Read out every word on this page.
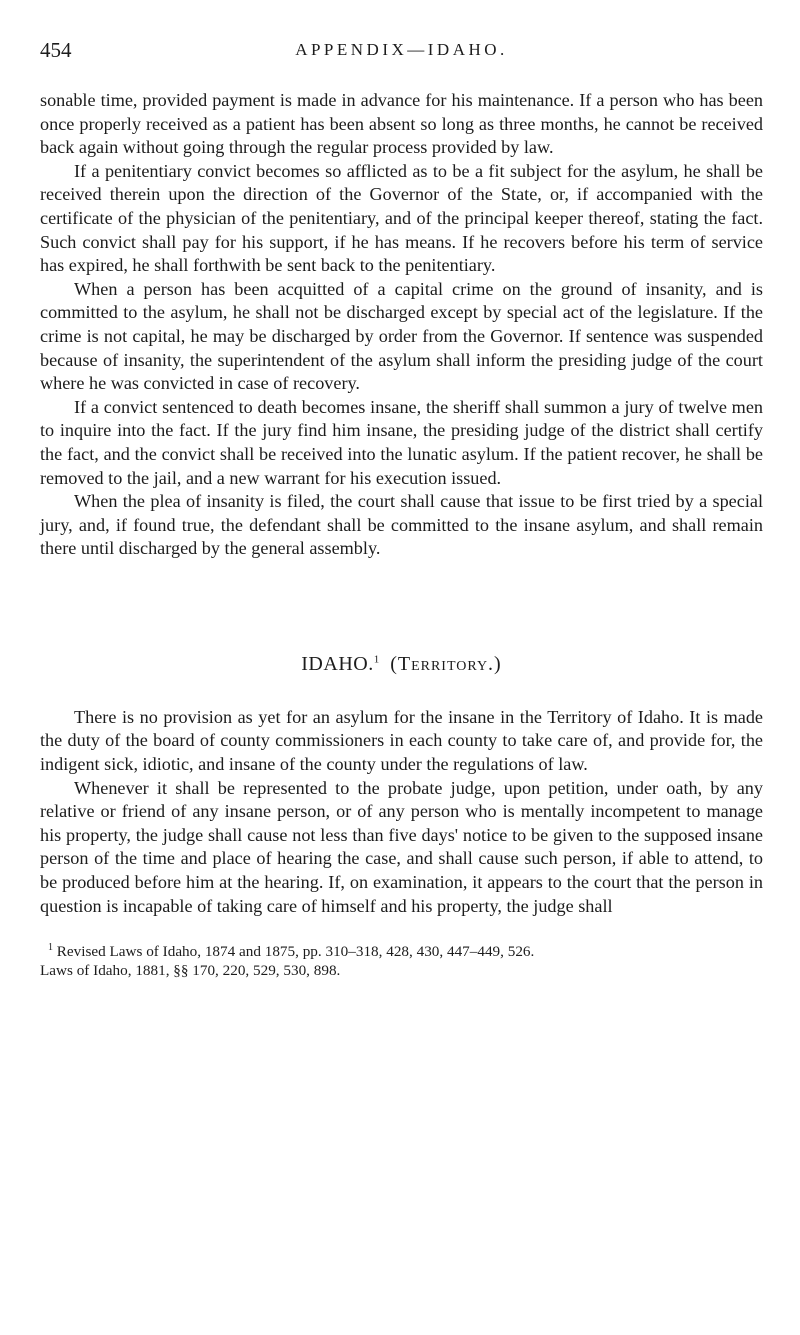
454	APPENDIX—IDAHO.

sonable time, provided payment is made in advance for his maintenance. If a person who has been once properly received as a patient has been absent so long as three months, he cannot be received back again without going through the regular process provided by law.

If a penitentiary convict becomes so afflicted as to be a fit subject for the asylum, he shall be received therein upon the direction of the Governor of the State, or, if accompanied with the certificate of the physician of the penitentiary, and of the principal keeper thereof, stating the fact. Such convict shall pay for his support, if he has means. If he recovers before his term of service has expired, he shall forthwith be sent back to the penitentiary.

When a person has been acquitted of a capital crime on the ground of insanity, and is committed to the asylum, he shall not be discharged except by special act of the legislature. If the crime is not capital, he may be discharged by order from the Governor. If sentence was suspended because of insanity, the superintendent of the asylum shall inform the presiding judge of the court where he was convicted in case of recovery.

If a convict sentenced to death becomes insane, the sheriff shall summon a jury of twelve men to inquire into the fact. If the jury find him insane, the presiding judge of the district shall certify the fact, and the convict shall be received into the lunatic asylum. If the patient recover, he shall be removed to the jail, and a new warrant for his execution issued.

When the plea of insanity is filed, the court shall cause that issue to be first tried by a special jury, and, if found true, the defendant shall be committed to the insane asylum, and shall remain there until discharged by the general assembly.

IDAHO.$^1$ (Territory.)

There is no provision as yet for an asylum for the insane in the Territory of Idaho. It is made the duty of the board of county commissioners in each county to take care of, and provide for, the indigent sick, idiotic, and insane of the county under the regulations of law.

Whenever it shall be represented to the probate judge, upon petition, under oath, by any relative or friend of any insane person, or of any person who is mentally incompetent to manage his property, the judge shall cause not less than five days' notice to be given to the supposed insane person of the time and place of hearing the case, and shall cause such person, if able to attend, to be produced before him at the hearing. If, on examination, it appears to the court that the person in question is incapable of taking care of himself and his property, the judge shall

$^1$ Revised Laws of Idaho, 1874 and 1875, pp. 310–318, 428, 430, 447–449, 526.

Laws of Idaho, 1881, §§ 170, 220, 529, 530, 898.
